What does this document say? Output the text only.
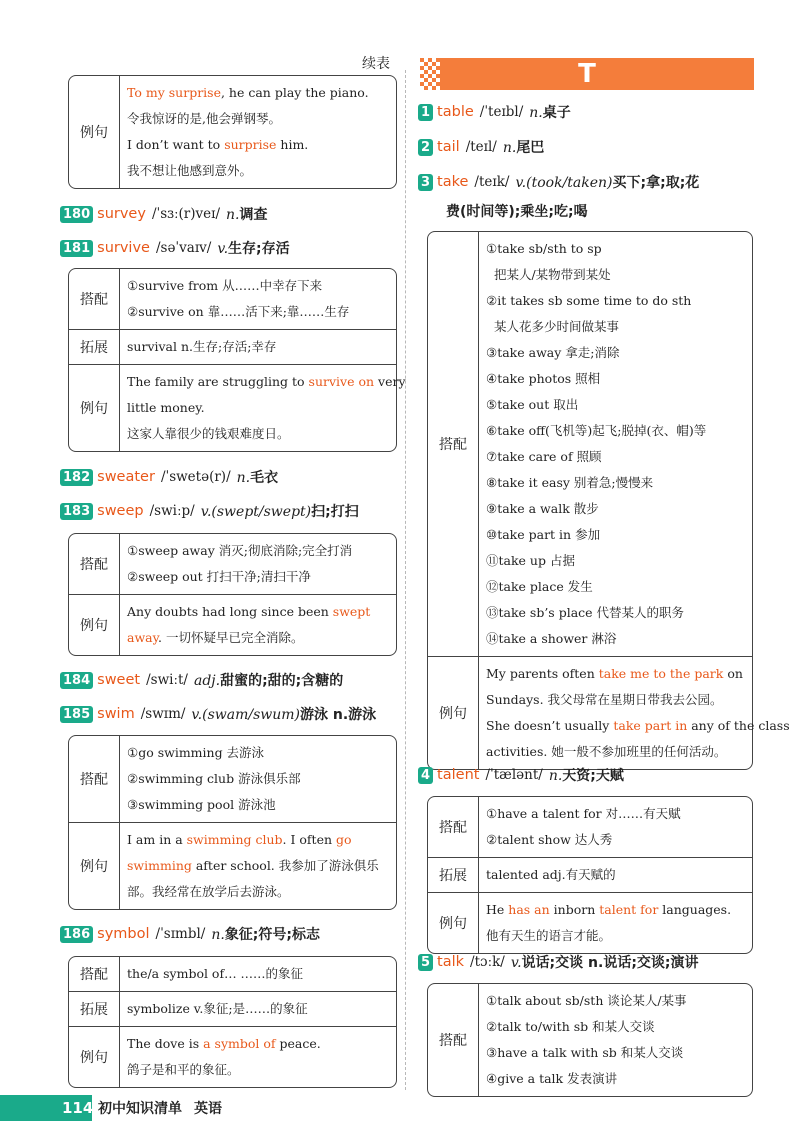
续表
例句
To my surprise, he can play the piano.
令我惊讶的是,他会弹钢琴。
I don’t want to surprise him.
我不想让他感到意外。
180 survey /ˈsɜː(r)veɪ/ n.调查
181 survive /səˈvaɪv/ v.生存;存活
搭配
①survive from 从……中幸存下来
②survive on 靠……活下来;靠……生存
拓展	survival n.生存;存活;幸存
例句
The family are struggling to survive on very
little money.
这家人靠很少的钱艰难度日。
182 sweater /ˈswetə(r)/ n.毛衣
183 sweep /swiːp/ v.(swept/swept)扫;打扫
搭配
①sweep away 消灭;彻底消除;完全打消
②sweep out 打扫干净;清扫干净
例句
Any doubts had long since been swept
away. 一切怀疑早已完全消除。
184 sweet /swiːt/ adj.甜蜜的;甜的;含糖的
185 swim /swɪm/ v.(swam/swum)游泳 n.游泳
搭配
①go swimming 去游泳
②swimming club 游泳俱乐部
③swimming pool 游泳池
例句
I am in a swimming club. I often go
swimming after school. 我参加了游泳俱乐
部。我经常在放学后去游泳。
186 symbol /ˈsɪmbl/ n.象征;符号;标志
搭配	the/a symbol of… ……的象征
拓展	symbolize v.象征;是……的象征
例句
The dove is a symbol of peace.
鸽子是和平的象征。
T
1 table /ˈteɪbl/ n.桌子
2 tail /teɪl/ n.尾巴
3 take /teɪk/ v.(took/taken)买下;拿;取;花
费(时间等);乘坐;吃;喝
搭配
①take sb/sth to sp
把某人/某物带到某处
②it takes sb some time to do sth
某人花多少时间做某事
③take away 拿走;消除
④take photos 照相
⑤take out 取出
⑥take off(飞机等)起飞;脱掉(衣、帽)等
⑦take care of 照顾
⑧take it easy 别着急;慢慢来
⑨take a walk 散步
⑩take part in 参加
⑪take up 占据
⑫take place 发生
⑬take sb’s place 代替某人的职务
⑭take a shower 淋浴
例句
My parents often take me to the park on
Sundays. 我父母常在星期日带我去公园。
She doesn’t usually take part in any of the class
activities. 她一般不参加班里的任何活动。
4 talent /ˈtælənt/ n.天资;天赋
搭配
①have a talent for 对……有天赋
②talent show 达人秀
拓展	talented adj.有天赋的
例句
He has an inborn talent for languages.
他有天生的语言才能。
5 talk /tɔːk/ v.说话;交谈 n.说话;交谈;演讲
搭配
①talk about sb/sth 谈论某人/某事
②talk to/with sb 和某人交谈
③have a talk with sb 和某人交谈
④give a talk 发表演讲
114 初中知识清单 英语
